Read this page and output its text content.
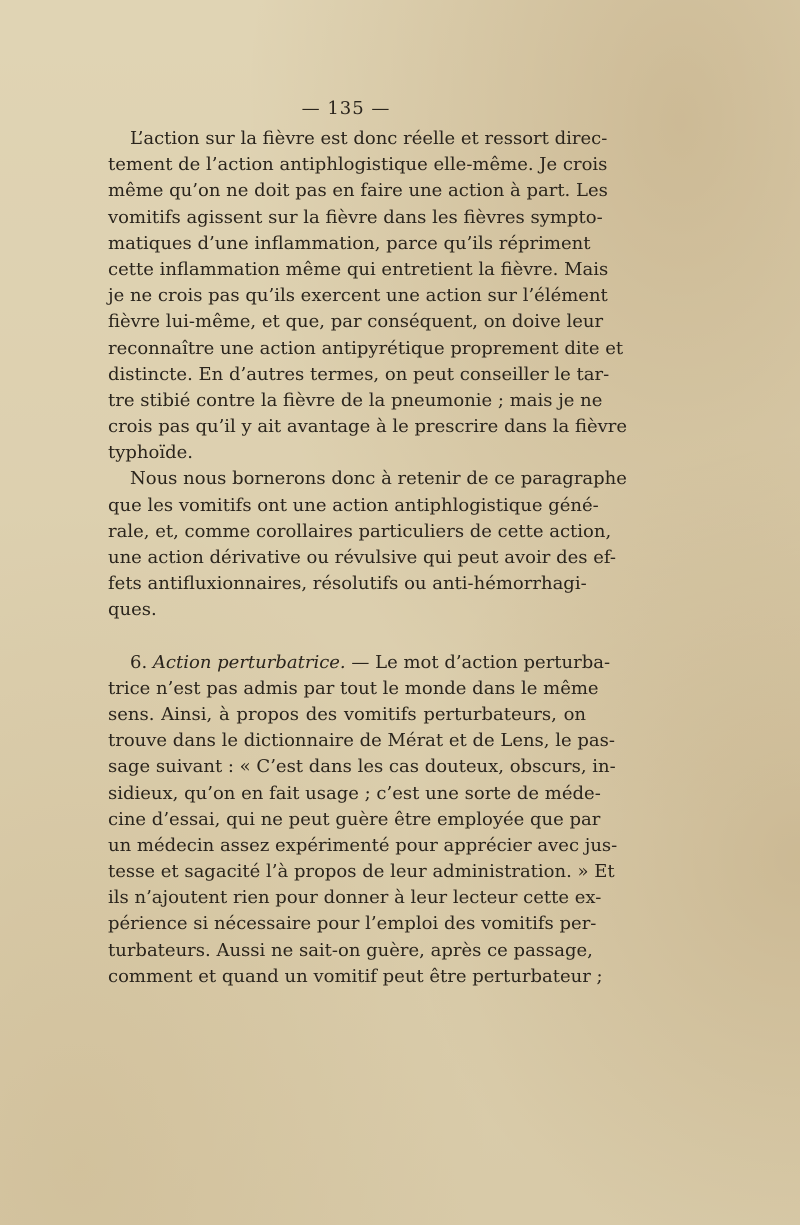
— 135 —
L’action sur la fièvre est donc réelle et ressort direc-
tement de l’action antiphlogistique elle-même. Je crois
même qu’on ne doit pas en faire une action à part. Les
vomitifs agissent sur la fièvre dans les fièvres sympto-
matiques d’une inflammation, parce qu’ils répriment
cette inflammation même qui entretient la fièvre. Mais
je ne crois pas qu’ils exercent une action sur l’élément
fièvre lui-même, et que, par conséquent, on doive leur
reconnaître une action antipyrétique proprement dite et
distincte. En d’autres termes, on peut conseiller le tar-
tre stibié contre la fièvre de la pneumonie ; mais je ne
crois pas qu’il y ait avantage à le prescrire dans la fièvre
typhoïde.
Nous nous bornerons donc à retenir de ce paragraphe
que les vomitifs ont une action antiphlogistique géné-
rale, et, comme corollaires particuliers de cette action,
une action dérivative ou révulsive qui peut avoir des ef-
fets antifluxionnaires, résolutifs ou anti-hémorrhagi-
ques.
6. Action perturbatrice. — Le mot d’action perturba-
trice n’est pas admis par tout le monde dans le même
sens. Ainsi, à propos des vomitifs perturbateurs, on
trouve dans le dictionnaire de Mérat et de Lens, le pas-
sage suivant : « C’est dans les cas douteux, obscurs, in-
sidieux, qu’on en fait usage ; c’est une sorte de méde-
cine d’essai, qui ne peut guère être employée que par
un médecin assez expérimenté pour apprécier avec jus-
tesse et sagacité l’à propos de leur administration. » Et
ils n’ajoutent rien pour donner à leur lecteur cette ex-
périence si nécessaire pour l’emploi des vomitifs per-
turbateurs. Aussi ne sait-on guère, après ce passage,
comment et quand un vomitif peut être perturbateur ;
